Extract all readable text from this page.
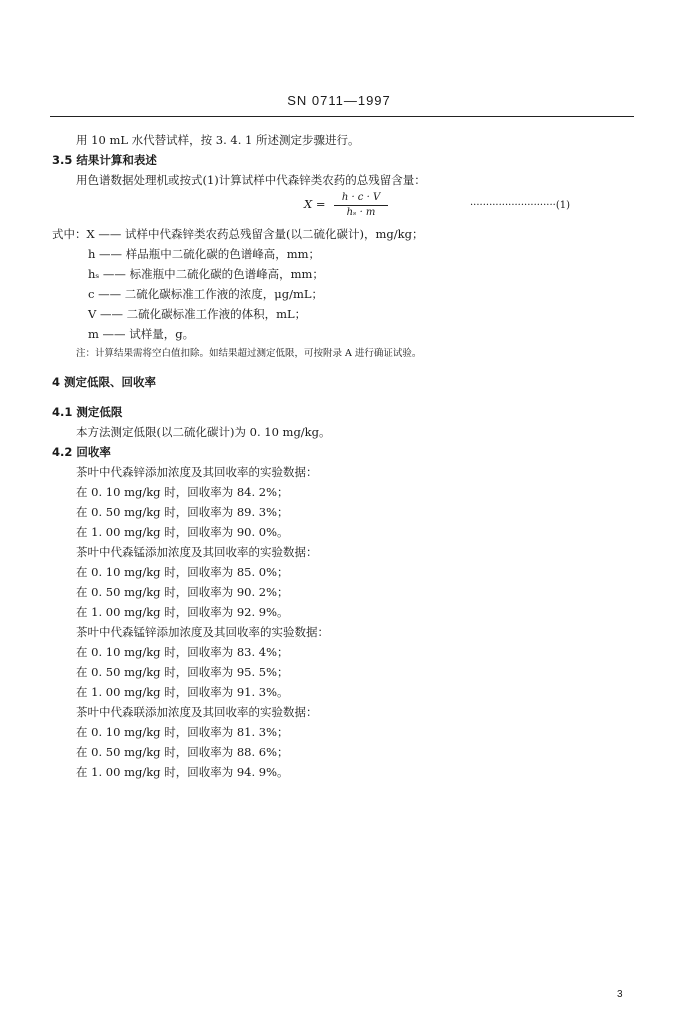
SN 0711—1997
用 10 mL 水代替试样，按 3. 4. 1 所述测定步骤进行。
3.5 结果计算和表述
用色谱数据处理机或按式(1)计算试样中代森锌类农药的总残留含量：
$X = \frac{h \cdot c \cdot V}{\text{hₛ · m}}$	···························(1)
式中：X —— 试样中代森锌类农药总残留含量(以二硫化碳计)，mg/kg；
h —— 样品瓶中二硫化碳的色谱峰高，mm；
hₛ —— 标准瓶中二硫化碳的色谱峰高，mm；
c —— 二硫化碳标准工作液的浓度，μg/mL；
V —— 二硫化碳标准工作液的体积，mL；
m —— 试样量，g。
注：计算结果需将空白值扣除。如结果超过测定低限，可按附录 A 进行确证试验。
4 测定低限、回收率
4.1 测定低限
本方法测定低限(以二硫化碳计)为 0. 10 mg/kg。
4.2 回收率
茶叶中代森锌添加浓度及其回收率的实验数据：
在 0. 10 mg/kg 时，回收率为 84. 2%；
在 0. 50 mg/kg 时，回收率为 89. 3%；
在 1. 00 mg/kg 时，回收率为 90. 0%。
茶叶中代森锰添加浓度及其回收率的实验数据：
在 0. 10 mg/kg 时，回收率为 85. 0%；
在 0. 50 mg/kg 时，回收率为 90. 2%；
在 1. 00 mg/kg 时，回收率为 92. 9%。
茶叶中代森锰锌添加浓度及其回收率的实验数据：
在 0. 10 mg/kg 时，回收率为 83. 4%；
在 0. 50 mg/kg 时，回收率为 95. 5%；
在 1. 00 mg/kg 时，回收率为 91. 3%。
茶叶中代森联添加浓度及其回收率的实验数据：
在 0. 10 mg/kg 时，回收率为 81. 3%；
在 0. 50 mg/kg 时，回收率为 88. 6%；
在 1. 00 mg/kg 时，回收率为 94. 9%。
3
